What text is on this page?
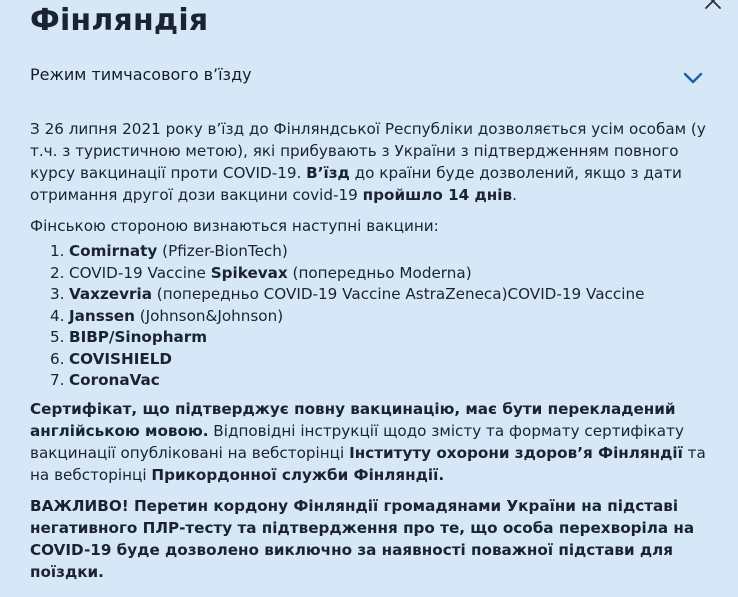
Фінляндія
Режим тимчасового в’їзду

З 26 липня 2021 року в’їзд до Фінляндської Республіки дозволяється усім особам (у т.ч. з туристичною метою), які прибувають з України з підтвердженням повного курсу вакцинації проти COVID-19. В’їзд до країни буде дозволений, якщо з дати отримання другої дози вакцини covid-19 пройшло 14 днів.

Фінською стороною визнаються наступні вакцини:

1. Comirnaty (Pfizer-BionTech)
2. COVID-19 Vaccine Spikevax (попередньо Moderna)
3. Vaxzevria (попередньо COVID-19 Vaccine AstraZeneca)COVID-19 Vaccine
4. Janssen (Johnson&Johnson)
5. BIBP/Sinopharm
6. COVISHIELD
7. CoronaVac

Сертифікат, що підтверджує повну вакцинацію, має бути перекладений англійською мовою. Відповідні інструкції щодо змісту та формату сертифікату вакцинації опубліковані на вебсторінці Інституту охорони здоров’я Фінляндії та на вебсторінці Прикордонної служби Фінляндії.

ВАЖЛИВО! Перетин кордону Фінляндії громадянами України на підставі негативного ПЛР-тесту та підтвердження про те, що особа перехворіла на COVID-19 буде дозволено виключно за наявності поважної підстави для поїздки.
